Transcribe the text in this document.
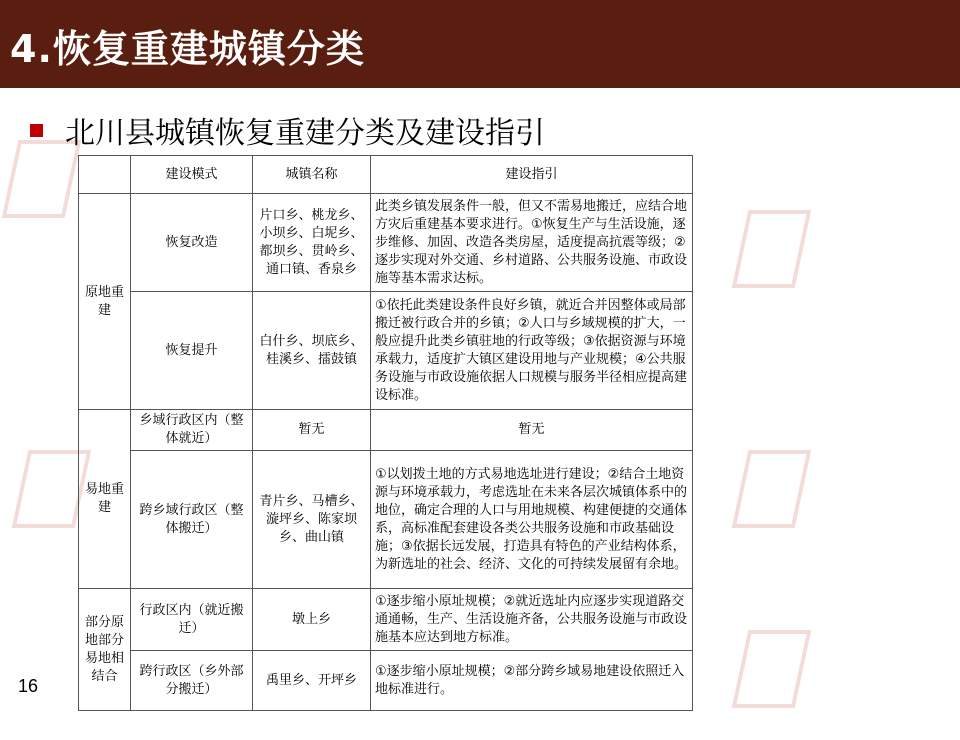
4.恢复重建城镇分类
北川县城镇恢复重建分类及建设指引
	建设模式	城镇名称	建设指引
原地重建	恢复改造	片口乡、桃龙乡、小坝乡、白坭乡、都坝乡、贯岭乡、通口镇、香泉乡	此类乡镇发展条件一般，但又不需易地搬迁，应结合地方灾后重建基本要求进行。①恢复生产与生活设施，逐步维修、加固、改造各类房屋，适度提高抗震等级；②逐步实现对外交通、乡村道路、公共服务设施、市政设施等基本需求达标。
	恢复提升	白什乡、坝底乡、桂溪乡、擂鼓镇	①依托此类建设条件良好乡镇，就近合并因整体或局部搬迁被行政合并的乡镇；②人口与乡域规模的扩大，一般应提升此类乡镇驻地的行政等级；③依据资源与环境承载力，适度扩大镇区建设用地与产业规模；④公共服务设施与市政设施依据人口规模与服务半径相应提高建设标准。
易地重建	乡域行政区内（整体就近）	暂无	暂无
	跨乡域行政区（整体搬迁）	青片乡、马槽乡、漩坪乡、陈家坝乡、曲山镇	①以划拨土地的方式易地选址进行建设；②结合土地资源与环境承载力，考虑选址在未来各层次城镇体系中的地位，确定合理的人口与用地规模、构建便捷的交通体系，高标准配套建设各类公共服务设施和市政基础设施；③依据长远发展，打造具有特色的产业结构体系，为新选址的社会、经济、文化的可持续发展留有余地。
部分原地部分易地相结合	行政区内（就近搬迁）	墩上乡	①逐步缩小原址规模；②就近选址内应逐步实现道路交通通畅，生产、生活设施齐备，公共服务设施与市政设施基本应达到地方标准。
	跨行政区（乡外部分搬迁）	禹里乡、开坪乡	①逐步缩小原址规模；②部分跨乡域易地建设依照迁入地标准进行。
16
